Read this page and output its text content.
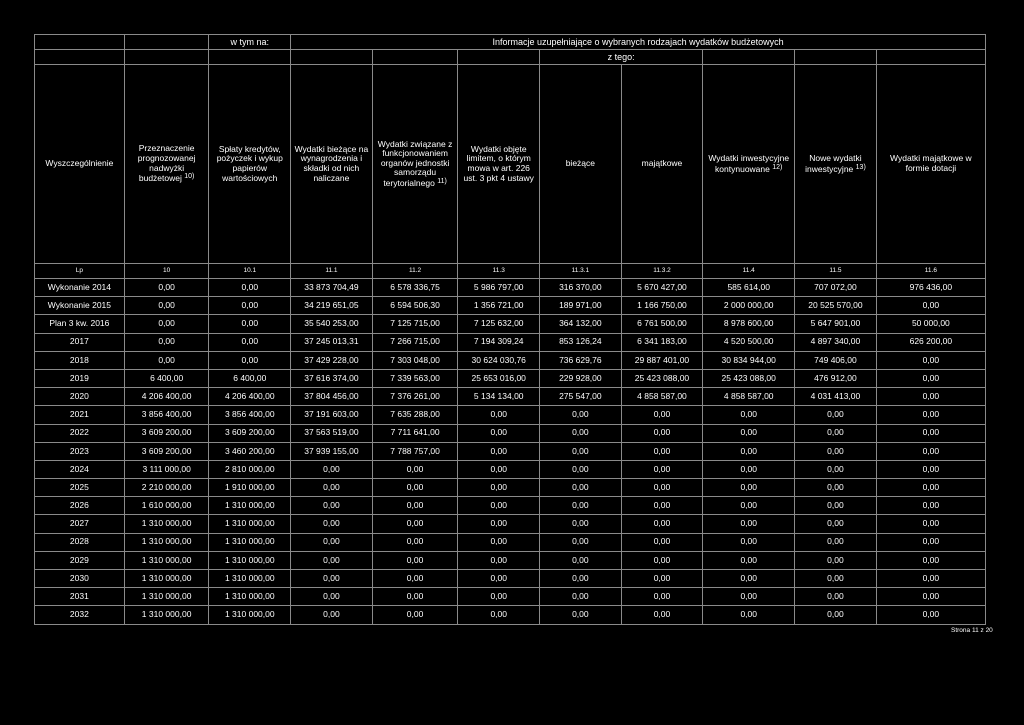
		w tym na:	Informacje uzupełniające o wybranych rodzajach wydatków budżetowych							
						z tego:				
Wyszczególnienie	Przeznaczenie prognozowanej nadwyżki budżetowej $^{10)}$	Spłaty kredytów, pożyczek i wykup papierów wartościowych	Wydatki bieżące na wynagrodzenia i składki od nich naliczane	Wydatki związane z funkcjonowaniem organów jednostki samorządu terytorialnego $^{11)}$	Wydatki objęte limitem, o którym mowa w art. 226 ust. 3 pkt 4 ustawy	bieżące	majątkowe	Wydatki inwestycyjne kontynuowane $^{12)}$	Nowe wydatki inwestycyjne $^{13)}$	Wydatki majątkowe w formie dotacji
Lp	10	10.1	11.1	11.2	11.3	11.3.1	11.3.2	11.4	11.5	11.6
Wykonanie 2014	0,00	0,00	33 873 704,49	6 578 336,75	5 986 797,00	316 370,00	5 670 427,00	585 614,00	707 072,00	976 436,00
Wykonanie 2015	0,00	0,00	34 219 651,05	6 594 506,30	1 356 721,00	189 971,00	1 166 750,00	2 000 000,00	20 525 570,00	0,00
Plan 3 kw. 2016	0,00	0,00	35 540 253,00	7 125 715,00	7 125 632,00	364 132,00	6 761 500,00	8 978 600,00	5 647 901,00	50 000,00
2017	0,00	0,00	37 245 013,31	7 266 715,00	7 194 309,24	853 126,24	6 341 183,00	4 520 500,00	4 897 340,00	626 200,00
2018	0,00	0,00	37 429 228,00	7 303 048,00	30 624 030,76	736 629,76	29 887 401,00	30 834 944,00	749 406,00	0,00
2019	6 400,00	6 400,00	37 616 374,00	7 339 563,00	25 653 016,00	229 928,00	25 423 088,00	25 423 088,00	476 912,00	0,00
2020	4 206 400,00	4 206 400,00	37 804 456,00	7 376 261,00	5 134 134,00	275 547,00	4 858 587,00	4 858 587,00	4 031 413,00	0,00
2021	3 856 400,00	3 856 400,00	37 191 603,00	7 635 288,00	0,00	0,00	0,00	0,00	0,00	0,00
2022	3 609 200,00	3 609 200,00	37 563 519,00	7 711 641,00	0,00	0,00	0,00	0,00	0,00	0,00
2023	3 609 200,00	3 460 200,00	37 939 155,00	7 788 757,00	0,00	0,00	0,00	0,00	0,00	0,00
2024	3 111 000,00	2 810 000,00	0,00	0,00	0,00	0,00	0,00	0,00	0,00	0,00
2025	2 210 000,00	1 910 000,00	0,00	0,00	0,00	0,00	0,00	0,00	0,00	0,00
2026	1 610 000,00	1 310 000,00	0,00	0,00	0,00	0,00	0,00	0,00	0,00	0,00
2027	1 310 000,00	1 310 000,00	0,00	0,00	0,00	0,00	0,00	0,00	0,00	0,00
2028	1 310 000,00	1 310 000,00	0,00	0,00	0,00	0,00	0,00	0,00	0,00	0,00
2029	1 310 000,00	1 310 000,00	0,00	0,00	0,00	0,00	0,00	0,00	0,00	0,00
2030	1 310 000,00	1 310 000,00	0,00	0,00	0,00	0,00	0,00	0,00	0,00	0,00
2031	1 310 000,00	1 310 000,00	0,00	0,00	0,00	0,00	0,00	0,00	0,00	0,00
2032	1 310 000,00	1 310 000,00	0,00	0,00	0,00	0,00	0,00	0,00	0,00	0,00
Strona 11 z 20
